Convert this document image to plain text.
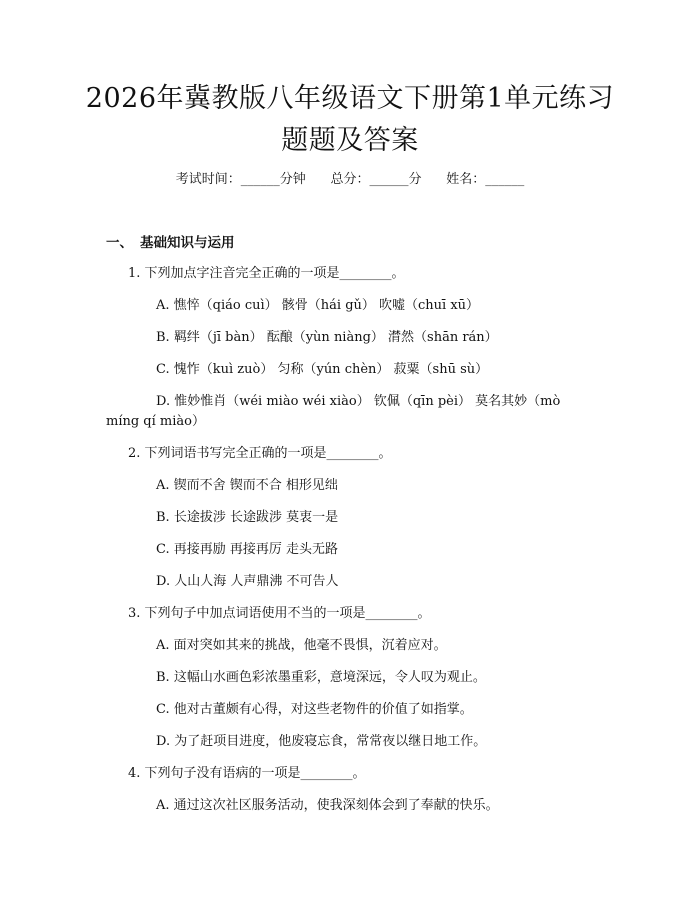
2026年冀教版八年级语文下册第1单元练习
题题及答案
考试时间：______分钟      总分：______分      姓名：______
一、 基础知识与运用
1. 下列加点字注音完全正确的一项是________。
A. 憔悴（qiáo cuì） 骸骨（hái gǔ） 吹嘘（chuī xū）
B. 羁绊（jī bàn） 酝酿（yùn niàng） 潸然（shān rán）
C. 愧怍（kuì zuò） 匀称（yún chèn） 菽粟（shū sù）
D. 惟妙惟肖（wéi miào wéi xiào） 钦佩（qīn pèi） 莫名其妙（mò
míng qí miào）
2. 下列词语书写完全正确的一项是________。
A. 锲而不舍 锲而不合 相形见绌
B. 长途拔涉 长途跋涉 莫衷一是
C. 再接再励 再接再厉 走头无路
D. 人山人海 人声鼎沸 不可告人
3. 下列句子中加点词语使用不当的一项是________。
A. 面对突如其来的挑战，他毫不畏惧，沉着应对。
B. 这幅山水画色彩浓墨重彩，意境深远，令人叹为观止。
C. 他对古董颇有心得，对这些老物件的价值了如指掌。
D. 为了赶项目进度，他废寝忘食，常常夜以继日地工作。
4. 下列句子没有语病的一项是________。
A. 通过这次社区服务活动，使我深刻体会到了奉献的快乐。
